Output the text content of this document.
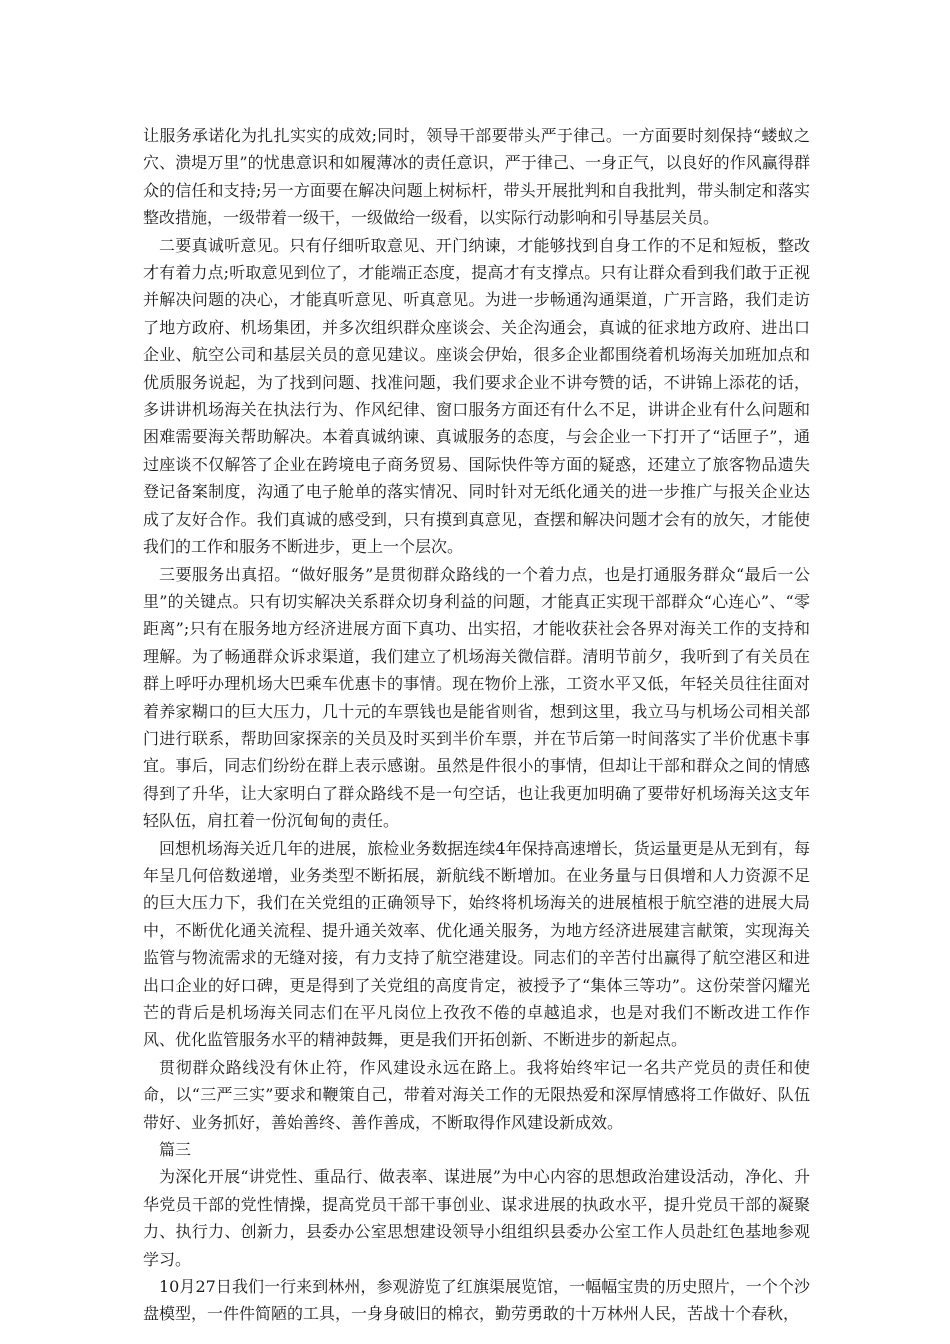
让服务承诺化为扎扎实实的成效;同时，领导干部要带头严于律己。一方面要时刻保持“蝼蚁之穴、溃堤万里”的忧患意识和如履薄冰的责任意识，严于律己、一身正气，以良好的作风赢得群众的信任和支持;另一方面要在解决问题上树标杆，带头开展批判和自我批判，带头制定和落实整改措施，一级带着一级干，一级做给一级看，以实际行动影响和引导基层关员。

二要真诚听意见。只有仔细听取意见、开门纳谏，才能够找到自身工作的不足和短板，整改才有着力点;听取意见到位了，才能端正态度，提高才有支撑点。只有让群众看到我们敢于正视并解决问题的决心，才能真听意见、听真意见。为进一步畅通沟通渠道，广开言路，我们走访了地方政府、机场集团，并多次组织群众座谈会、关企沟通会，真诚的征求地方政府、进出口企业、航空公司和基层关员的意见建议。座谈会伊始，很多企业都围绕着机场海关加班加点和优质服务说起，为了找到问题、找准问题，我们要求企业不讲夸赞的话，不讲锦上添花的话，多讲讲机场海关在执法行为、作风纪律、窗口服务方面还有什么不足，讲讲企业有什么问题和困难需要海关帮助解决。本着真诚纳谏、真诚服务的态度，与会企业一下打开了“话匣子”，通过座谈不仅解答了企业在跨境电子商务贸易、国际快件等方面的疑惑，还建立了旅客物品遗失登记备案制度，沟通了电子舱单的落实情况、同时针对无纸化通关的进一步推广与报关企业达成了友好合作。我们真诚的感受到，只有摸到真意见，查摆和解决问题才会有的放矢，才能使我们的工作和服务不断进步，更上一个层次。

三要服务出真招。“做好服务”是贯彻群众路线的一个着力点，也是打通服务群众“最后一公里”的关键点。只有切实解决关系群众切身利益的问题，才能真正实现干部群众“心连心”、“零距离”;只有在服务地方经济进展方面下真功、出实招，才能收获社会各界对海关工作的支持和理解。为了畅通群众诉求渠道，我们建立了机场海关微信群。清明节前夕，我听到了有关员在群上呼吁办理机场大巴乘车优惠卡的事情。现在物价上涨，工资水平又低，年轻关员往往面对着养家糊口的巨大压力，几十元的车票钱也是能省则省，想到这里，我立马与机场公司相关部门进行联系，帮助回家探亲的关员及时买到半价车票，并在节后第一时间落实了半价优惠卡事宜。事后，同志们纷纷在群上表示感谢。虽然是件很小的事情，但却让干部和群众之间的情感得到了升华，让大家明白了群众路线不是一句空话，也让我更加明确了要带好机场海关这支年轻队伍，肩扛着一份沉甸甸的责任。

回想机场海关近几年的进展，旅检业务数据连续4年保持高速增长，货运量更是从无到有，每年呈几何倍数递增，业务类型不断拓展，新航线不断增加。在业务量与日俱增和人力资源不足的巨大压力下，我们在关党组的正确领导下，始终将机场海关的进展植根于航空港的进展大局中，不断优化通关流程、提升通关效率、优化通关服务，为地方经济进展建言献策，实现海关监管与物流需求的无缝对接，有力支持了航空港建设。同志们的辛苦付出赢得了航空港区和进出口企业的好口碑，更是得到了关党组的高度肯定，被授予了“集体三等功”。这份荣誉闪耀光芒的背后是机场海关同志们在平凡岗位上孜孜不倦的卓越追求，也是对我们不断改进工作作风、优化监管服务水平的精神鼓舞，更是我们开拓创新、不断进步的新起点。

贯彻群众路线没有休止符，作风建设永远在路上。我将始终牢记一名共产党员的责任和使命，以“三严三实”要求和鞭策自己，带着对海关工作的无限热爱和深厚情感将工作做好、队伍带好、业务抓好，善始善终、善作善成，不断取得作风建设新成效。

篇三

为深化开展“讲党性、重品行、做表率、谋进展”为中心内容的思想政治建设活动，净化、升华党员干部的党性情操，提高党员干部干事创业、谋求进展的执政水平，提升党员干部的凝聚力、执行力、创新力，县委办公室思想建设领导小组组织县委办公室工作人员赴红色基地参观学习。

10月27日我们一行来到林州，参观游览了红旗渠展览馆，一幅幅宝贵的历史照片，一个个沙盘模型，一件件简陋的工具，一身身破旧的棉衣，勤劳勇敢的十万林州人民，苦战十个春秋，
